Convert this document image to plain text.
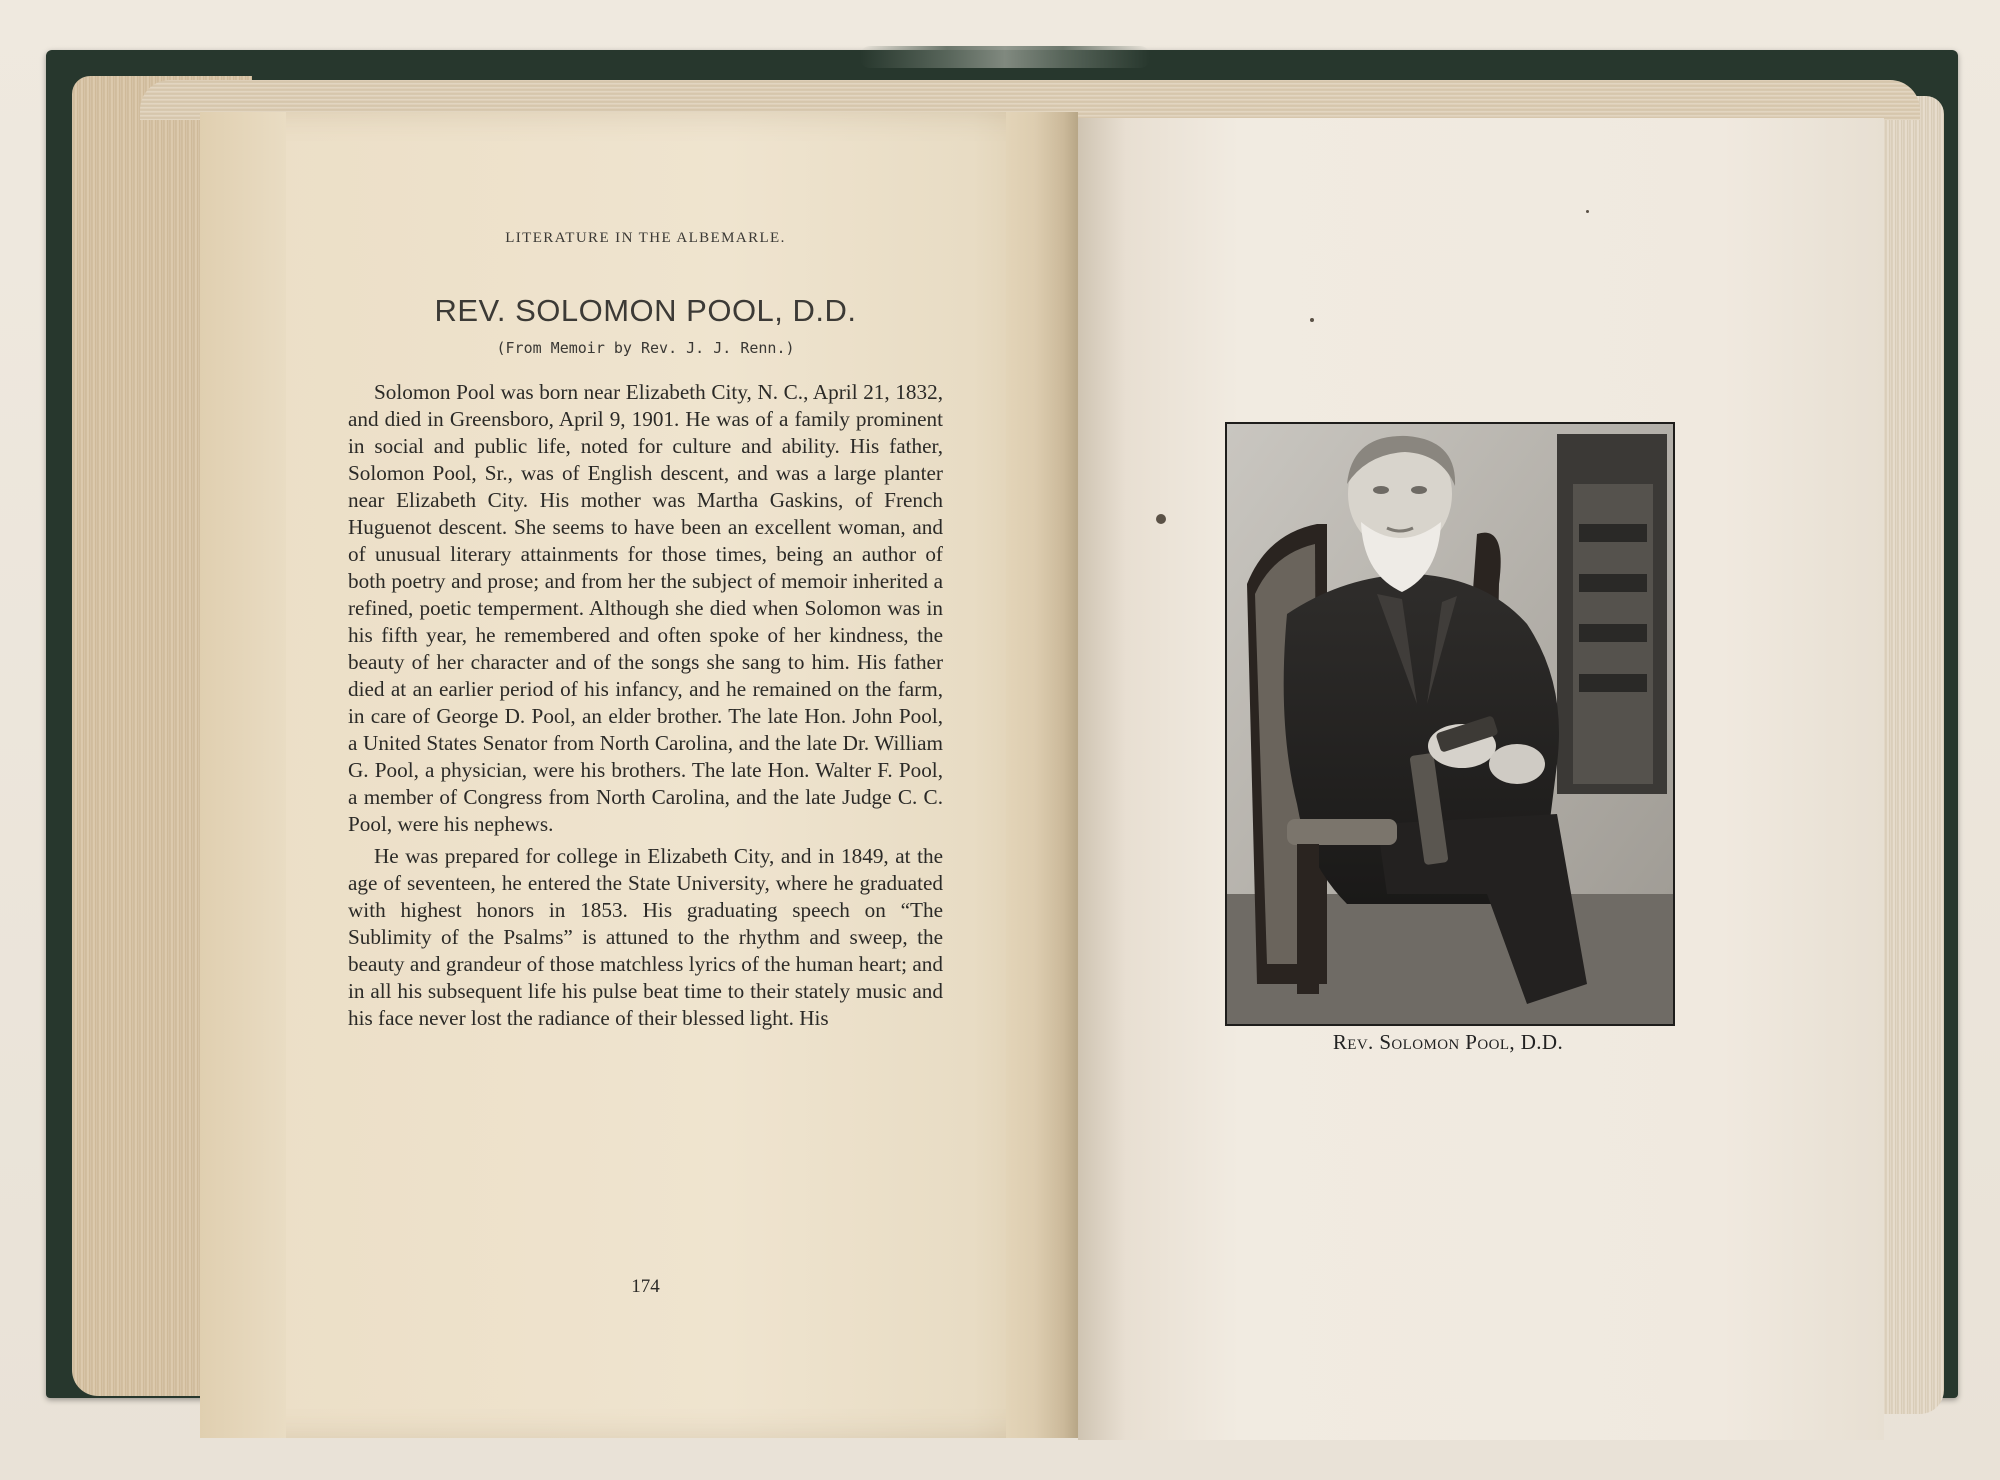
LITERATURE IN THE ALBEMARLE.
REV. SOLOMON POOL, D.D.
(From Memoir by Rev. J. J. Renn.)

Solomon Pool was born near Elizabeth City, N. C., April 21, 1832, and died in Greensboro, April 9, 1901. He was of a family prominent in social and public life, noted for culture and ability. His father, Solomon Pool, Sr., was of English descent, and was a large planter near Elizabeth City. His mother was Martha Gaskins, of French Huguenot descent. She seems to have been an excellent woman, and of unusual literary attainments for those times, being an author of both poetry and prose; and from her the subject of memoir inherited a refined, poetic temperment. Although she died when Solomon was in his fifth year, he remembered and often spoke of her kindness, the beauty of her character and of the songs she sang to him. His father died at an earlier period of his infancy, and he remained on the farm, in care of George D. Pool, an elder brother. The late Hon. John Pool, a United States Senator from North Carolina, and the late Dr. William G. Pool, a physician, were his brothers. The late Hon. Walter F. Pool, a member of Congress from North Carolina, and the late Judge C. C. Pool, were his nephews.

He was prepared for college in Elizabeth City, and in 1849, at the age of seventeen, he entered the State University, where he graduated with highest honors in 1853. His graduating speech on “The Sublimity of the Psalms” is attuned to the rhythm and sweep, the beauty and grandeur of those matchless lyrics of the human heart; and in all his subsequent life his pulse beat time to their stately music and his face never lost the radiance of their blessed light. His

174
Rev. Solomon Pool, D.D.
